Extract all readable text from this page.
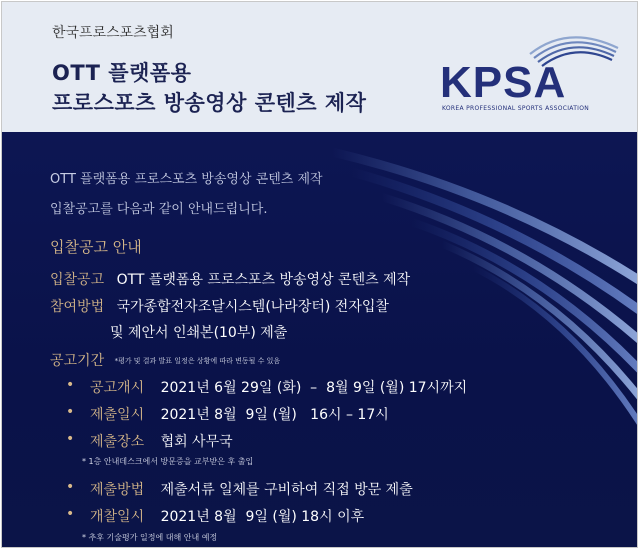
한국프로스포츠협회
OTT 플랫폼용
프로스포츠 방송영상 콘텐츠 제작 KPSA
KOREA PROFESSIONAL SPORTS ASSOCIATION
OTT 플랫폼용 프로스포츠 방송영상 콘텐츠 제작
입찰공고를 다음과 같이 안내드립니다.
입찰공고 안내
입찰공고 OTT 플랫폼용 프로스포츠 방송영상 콘텐츠 제작
참여방법 국가종합전자조달시스템(나라장터) 전자입찰
및 제안서 인쇄본(10부) 제출
공고기간 *평가 및 결과 발표 일정은 상황에 따라 변동될 수 있음
• 공고개시 2021년 6월 29일 (화)  –  8월 9일 (월) 17시까지
• 제출일시 2021년 8월  9일 (월)   16시 – 17시
• 제출장소 협회 사무국
* 1층 안내데스크에서 방문증을 교부받은 후 출입
• 제출방법 제출서류 일체를 구비하여 직접 방문 제출
• 개찰일시 2021년 8월  9일 (월) 18시 이후
* 추후 기술평가 일정에 대해 안내 예정
